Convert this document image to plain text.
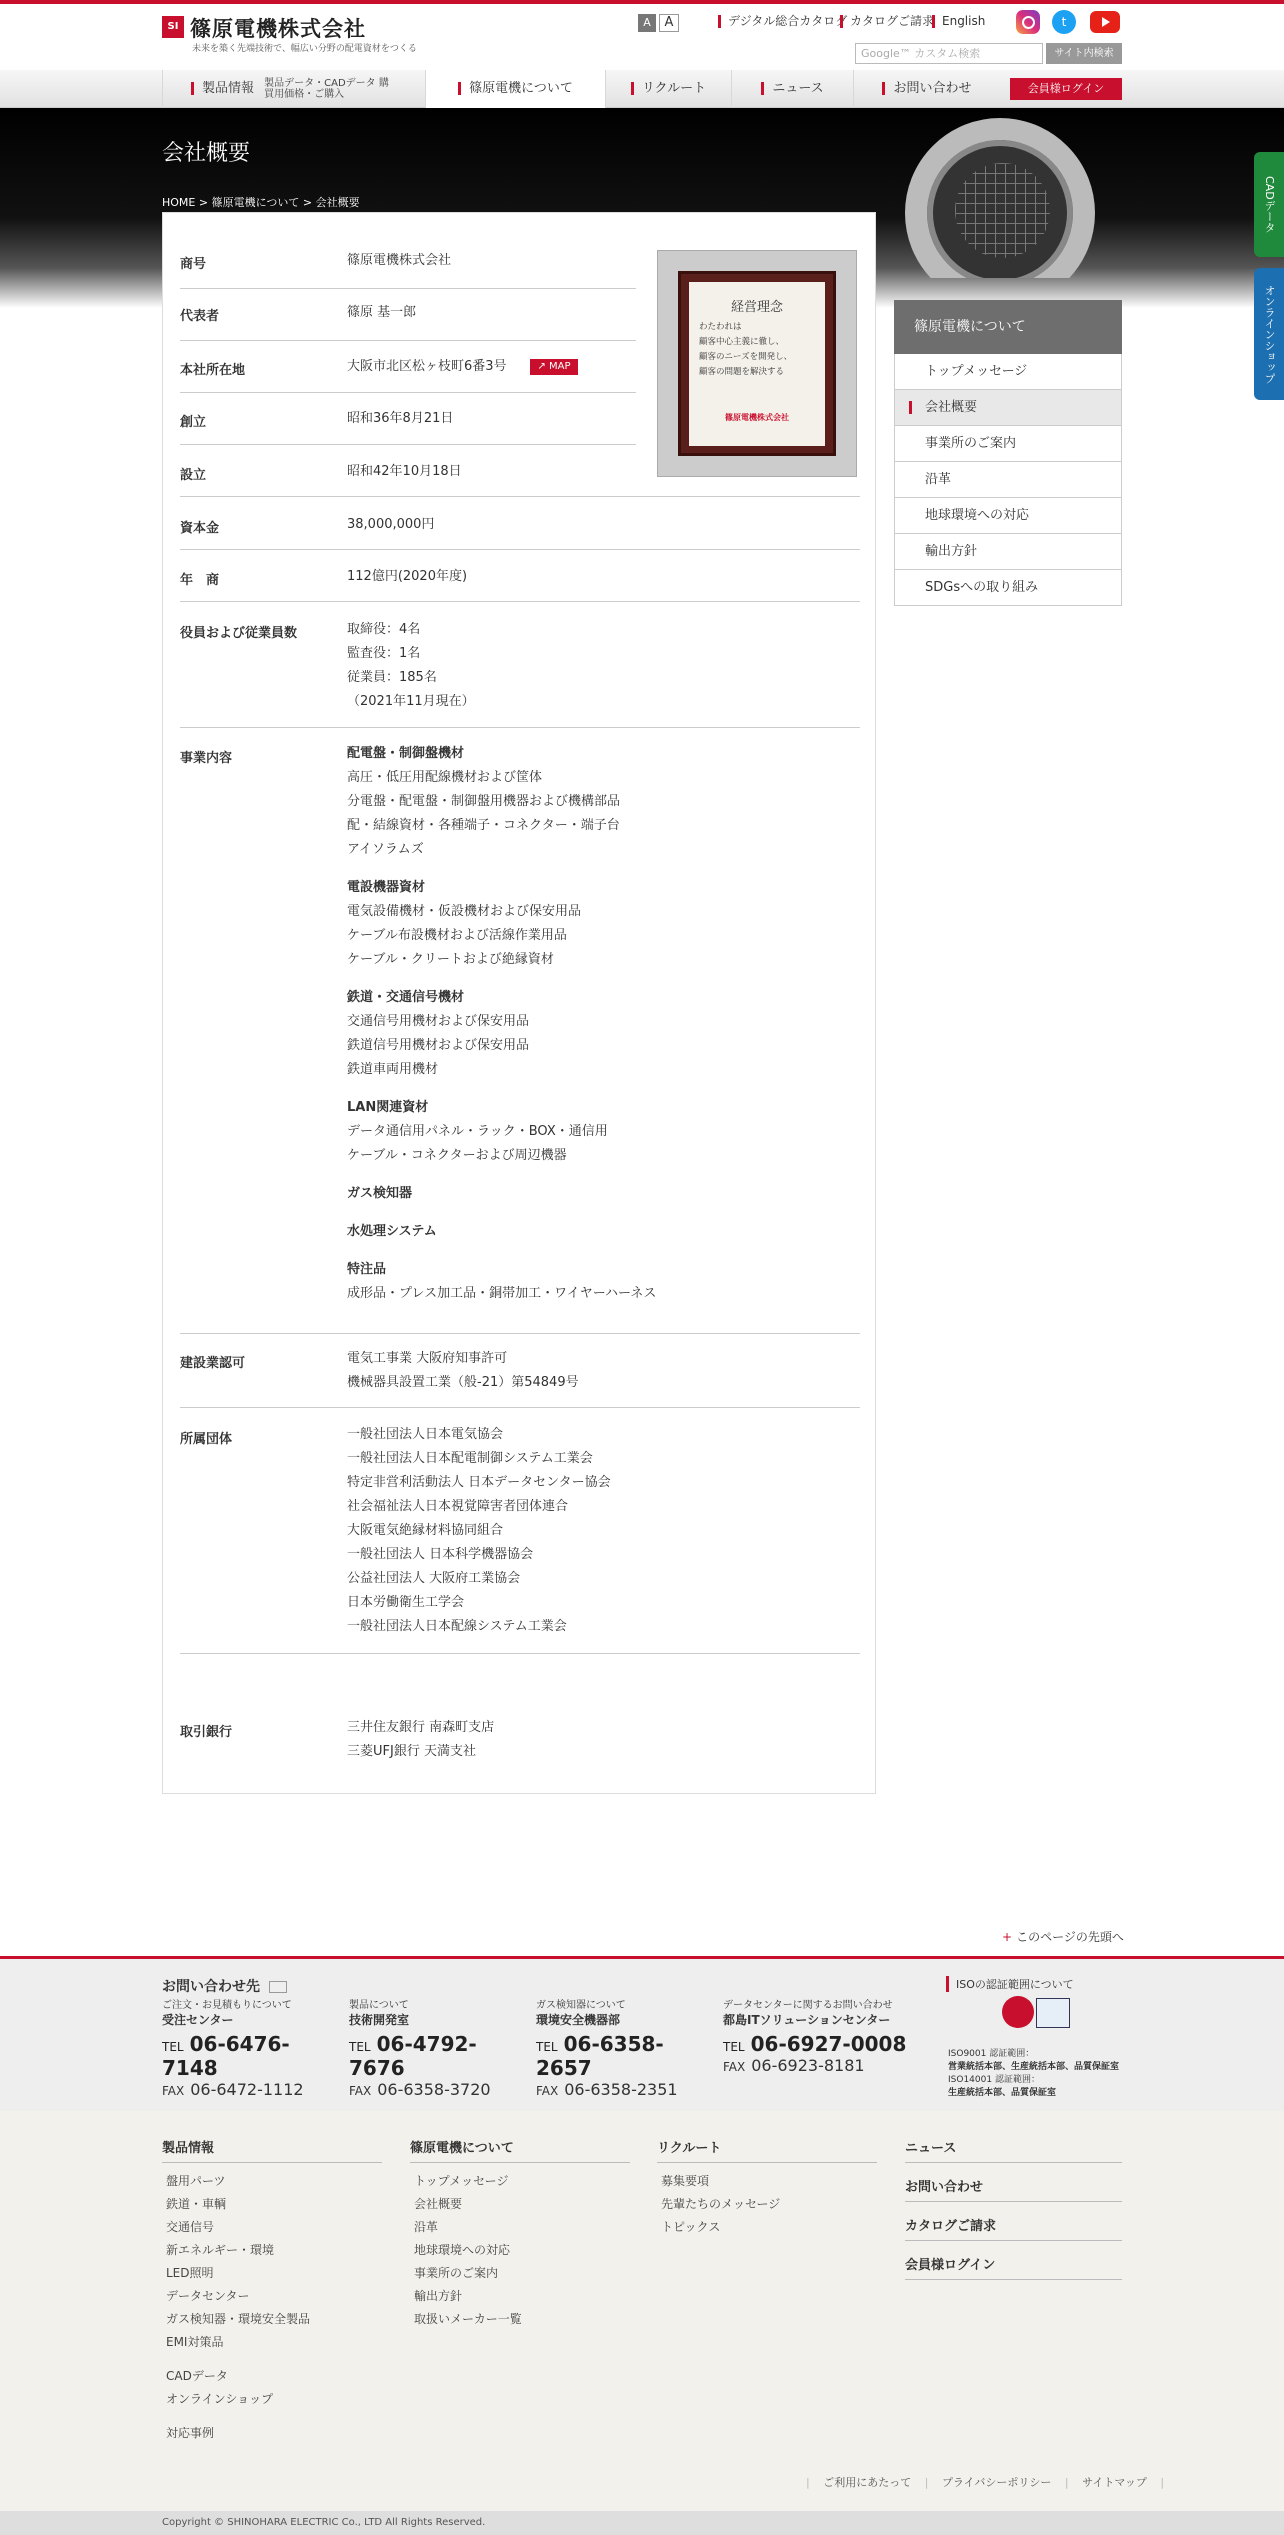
SI 篠原電機株式会社
未来を築く先端技術で、幅広い分野の配電資材をつくる
A	A	デジタル総合カタログ カタログご請求 English	t
Google™ カスタム検索	サイト内検索
製品情報 製品データ・CADデータ 購買用価格・ご購入	篠原電機について	リクルート	ニュース	お問い合わせ	会員様ログイン
会社概要
HOME > 篠原電機について > 会社概要	CADデータ
オンラインショップ
商号	篠原電機株式会社
代表者	篠原 基一郎
本社所在地	大阪市北区松ヶ枝町6番3号	↗ MAP
創立	昭和36年8月21日
設立	昭和42年10月18日
資本金	38,000,000円
年　商	112億円(2020年度)
役員および従業員数	取締役：4名
監査役：1名
従業員：185名
（2021年11月現在）
事業内容	配電盤・制御盤機材
高圧・低圧用配線機材および筐体
分電盤・配電盤・制御盤用機器および機構部品
配・結線資材・各種端子・コネクター・端子台
アイソラムズ
電設機器資材
電気設備機材・仮設機材および保安用品
ケーブル布設機材および活線作業用品
ケーブル・クリートおよび絶縁資材
鉄道・交通信号機材
交通信号用機材および保安用品
鉄道信号用機材および保安用品
鉄道車両用機材
LAN関連資材
データ通信用パネル・ラック・BOX・通信用
ケーブル・コネクターおよび周辺機器
ガス検知器
水処理システム
特注品
成形品・プレス加工品・銅帯加工・ワイヤーハーネス
建設業認可	電気工事業 大阪府知事許可
機械器具設置工業（般-21）第54849号
所属団体	一般社団法人日本電気協会
一般社団法人日本配電制御システム工業会
特定非営利活動法人 日本データセンター協会
社会福祉法人日本視覚障害者団体連合
大阪電気絶縁材料協同組合
一般社団法人 日本科学機器協会
公益社団法人 大阪府工業協会
日本労働衛生工学会
一般社団法人日本配線システム工業会
取引銀行	三井住友銀行 南森町支店
三菱UFJ銀行 天満支社
経営理念
わたわれは
顧客中心主義に徹し、
顧客のニーズを開発し、
顧客の問題を解決する
篠原電機株式会社
篠原電機について
トップメッセージ
会社概要
事業所のご案内
沿革
地球環境への対応
輸出方針
SDGsへの取り組み
+ このページの先頭へ
お問い合わせ先
ご注文・お見積もりについて
受注センター
TEL 06-6476-7148
FAX 06-6472-1112
製品について
技術開発室
TEL 06-4792-7676
FAX 06-6358-3720
ガス検知器について
環境安全機器部
TEL 06-6358-2657
FAX 06-6358-2351
データセンターに関するお問い合わせ
都島ITソリューションセンター
TEL 06-6927-0008
FAX 06-6923-8181
ISOの認証範囲について
ISO9001 認証範囲：
営業統括本部、生産統括本部、品質保証室
ISO14001 認証範囲：
生産統括本部、品質保証室
製品情報
盤用パーツ
鉄道・車輌
交通信号
新エネルギー・環境
LED照明
データセンター
ガス検知器・環境安全製品
EMI対策品
CADデータ
オンラインショップ
対応事例
篠原電機について
トップメッセージ
会社概要
沿革
地球環境への対応
事業所のご案内
輸出方針
取扱いメーカー一覧
リクルート
募集要項
先輩たちのメッセージ
トピックス
ニュース
お問い合わせ
カタログご請求
会員様ログイン
| ご利用にあたって | プライバシーポリシー | サイトマップ |
Copyright © SHINOHARA ELECTRIC Co., LTD All Rights Reserved.
